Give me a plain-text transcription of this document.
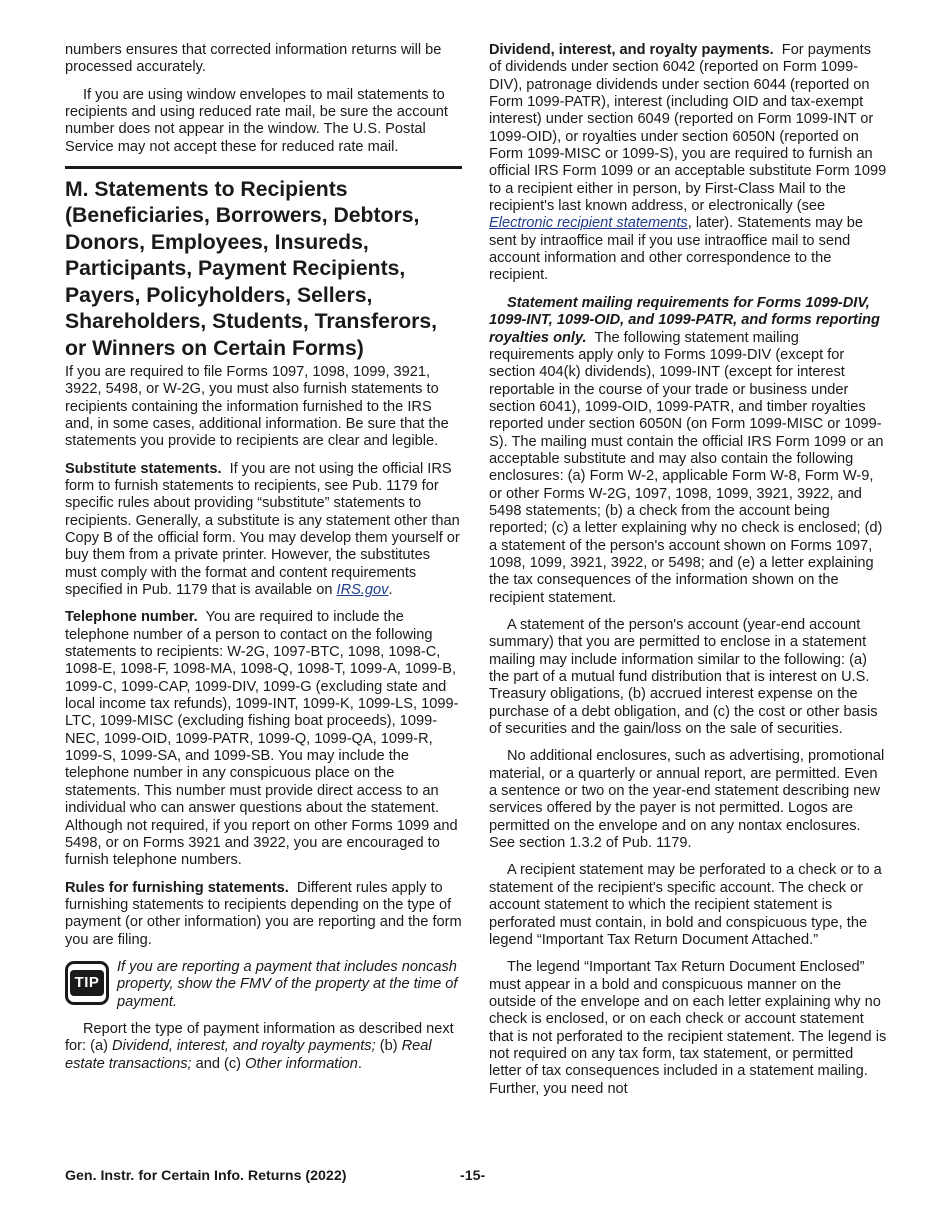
numbers ensures that corrected information returns will be processed accurately.

If you are using window envelopes to mail statements to recipients and using reduced rate mail, be sure the account number does not appear in the window. The U.S. Postal Service may not accept these for reduced rate mail.

M. Statements to Recipients (Beneficiaries, Borrowers, Debtors, Donors, Employees, Insureds, Participants, Payment Recipients, Payers, Policyholders, Sellers, Shareholders, Students, Transferors, or Winners on Certain Forms)

If you are required to file Forms 1097, 1098, 1099, 3921, 3922, 5498, or W-2G, you must also furnish statements to recipients containing the information furnished to the IRS and, in some cases, additional information. Be sure that the statements you provide to recipients are clear and legible.

Substitute statements. If you are not using the official IRS form to furnish statements to recipients, see Pub. 1179 for specific rules about providing “substitute” statements to recipients. Generally, a substitute is any statement other than Copy B of the official form. You may develop them yourself or buy them from a private printer. However, the substitutes must comply with the format and content requirements specified in Pub. 1179 that is available on IRS.gov.

Telephone number. You are required to include the telephone number of a person to contact on the following statements to recipients: W-2G, 1097-BTC, 1098, 1098-C, 1098-E, 1098-F, 1098-MA, 1098-Q, 1098-T, 1099-A, 1099-B, 1099-C, 1099-CAP, 1099-DIV, 1099-G (excluding state and local income tax refunds), 1099-INT, 1099-K, 1099-LS, 1099-LTC, 1099-MISC (excluding fishing boat proceeds), 1099-NEC, 1099-OID, 1099-PATR, 1099-Q, 1099-QA, 1099-R, 1099-S, 1099-SA, and 1099-SB. You may include the telephone number in any conspicuous place on the statements. This number must provide direct access to an individual who can answer questions about the statement. Although not required, if you report on other Forms 1099 and 5498, or on Forms 3921 and 3922, you are encouraged to furnish telephone numbers.

Rules for furnishing statements. Different rules apply to furnishing statements to recipients depending on the type of payment (or other information) you are reporting and the form you are filing.

TIP
If you are reporting a payment that includes noncash property, show the FMV of the property at the time of payment.

Report the type of payment information as described next for: (a) Dividend, interest, and royalty payments; (b) Real estate transactions; and (c) Other information.

Dividend, interest, and royalty payments. For payments of dividends under section 6042 (reported on Form 1099-DIV), patronage dividends under section 6044 (reported on Form 1099-PATR), interest (including OID and tax-exempt interest) under section 6049 (reported on Form 1099-INT or 1099-OID), or royalties under section 6050N (reported on Form 1099-MISC or 1099-S), you are required to furnish an official IRS Form 1099 or an acceptable substitute Form 1099 to a recipient either in person, by First-Class Mail to the recipient's last known address, or electronically (see Electronic recipient statements, later). Statements may be sent by intraoffice mail if you use intraoffice mail to send account information and other correspondence to the recipient.

Statement mailing requirements for Forms 1099-DIV, 1099-INT, 1099-OID, and 1099-PATR, and forms reporting royalties only. The following statement mailing requirements apply only to Forms 1099-DIV (except for section 404(k) dividends), 1099-INT (except for interest reportable in the course of your trade or business under section 6041), 1099-OID, 1099-PATR, and timber royalties reported under section 6050N (on Form 1099-MISC or 1099-S). The mailing must contain the official IRS Form 1099 or an acceptable substitute and may also contain the following enclosures: (a) Form W-2, applicable Form W-8, Form W-9, or other Forms W-2G, 1097, 1098, 1099, 3921, 3922, and 5498 statements; (b) a check from the account being reported; (c) a letter explaining why no check is enclosed; (d) a statement of the person's account shown on Forms 1097, 1098, 1099, 3921, 3922, or 5498; and (e) a letter explaining the tax consequences of the information shown on the recipient statement.

A statement of the person's account (year-end account summary) that you are permitted to enclose in a statement mailing may include information similar to the following: (a) the part of a mutual fund distribution that is interest on U.S. Treasury obligations, (b) accrued interest expense on the purchase of a debt obligation, and (c) the cost or other basis of securities and the gain/loss on the sale of securities.

No additional enclosures, such as advertising, promotional material, or a quarterly or annual report, are permitted. Even a sentence or two on the year-end statement describing new services offered by the payer is not permitted. Logos are permitted on the envelope and on any nontax enclosures. See section 1.3.2 of Pub. 1179.

A recipient statement may be perforated to a check or to a statement of the recipient's specific account. The check or account statement to which the recipient statement is perforated must contain, in bold and conspicuous type, the legend “Important Tax Return Document Attached.”

The legend “Important Tax Return Document Enclosed” must appear in a bold and conspicuous manner on the outside of the envelope and on each letter explaining why no check is enclosed, or on each check or account statement that is not perforated to the recipient statement. The legend is not required on any tax form, tax statement, or permitted letter of tax consequences included in a statement mailing. Further, you need not

Gen. Instr. for Certain Info. Returns (2022)	-15-
